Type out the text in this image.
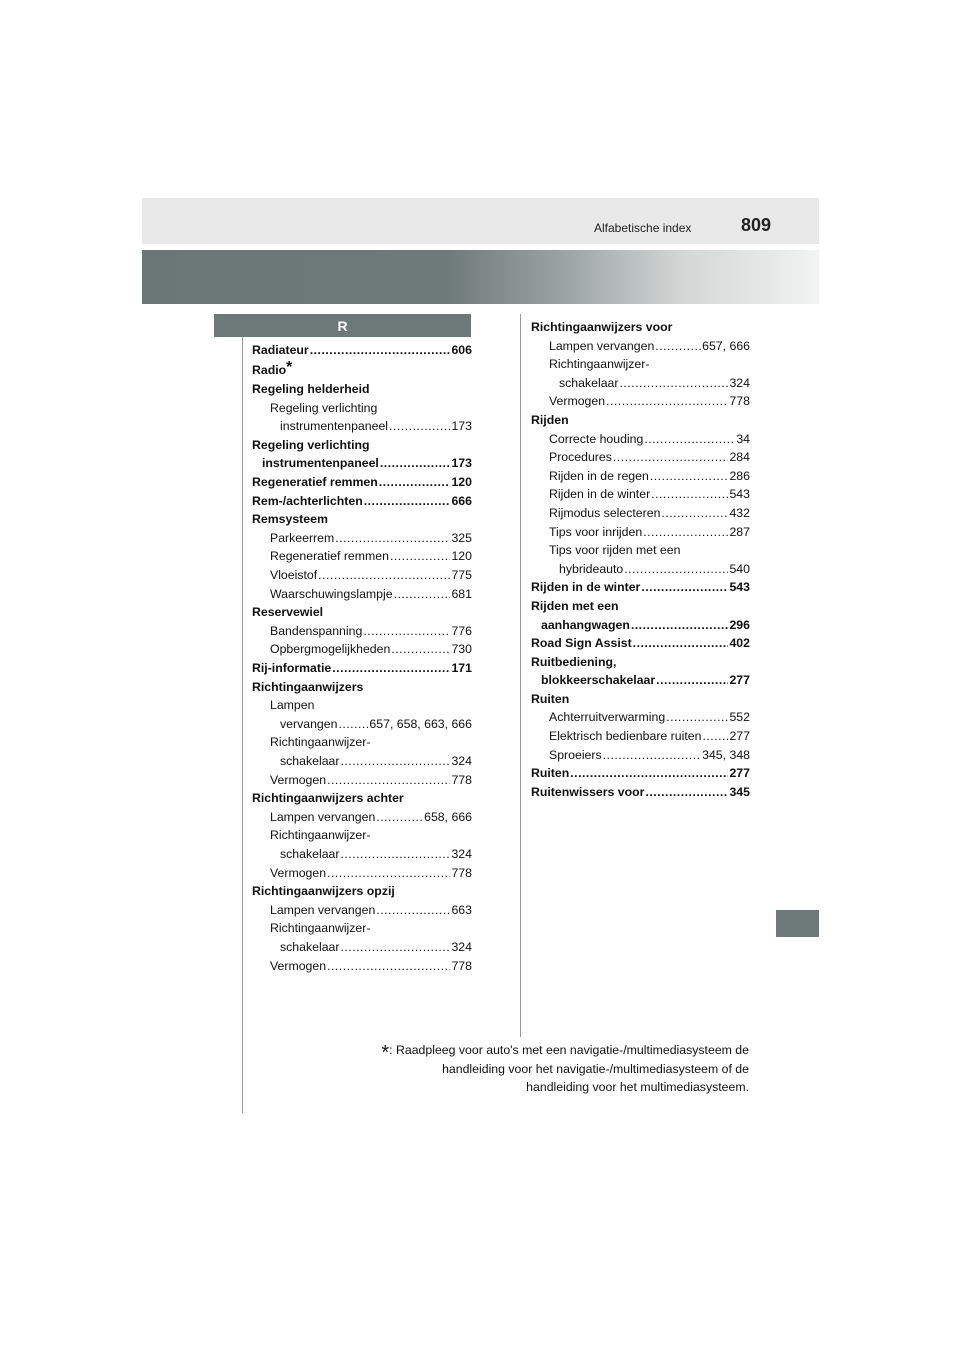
Alfabetische index	809
R
Radiateur .....	606
Radio*
Regeling helderheid
Regeling verlichting
instrumentenpaneel .....	173
Regeling verlichting
instrumentenpaneel .....	173
Regeneratief remmen .....	120
Rem-/achterlichten .....	666
Remsysteem
Parkeerrem .....	325
Regeneratief remmen .....	120
Vloeistof .....	775
Waarschuwingslampje .....	681
Reservewiel
Bandenspanning .....	776
Opbergmogelijkheden .....	730
Rij-informatie .....	171
Richtingaanwijzers
Lampen
vervangen .....	657, 658, 663, 666
Richtingaanwijzer-
schakelaar .....	324
Vermogen .....	778
Richtingaanwijzers achter
Lampen vervangen .....	658, 666
Richtingaanwijzer-
schakelaar .....	324
Vermogen .....	778
Richtingaanwijzers opzij
Lampen vervangen .....	663
Richtingaanwijzer-
schakelaar .....	324
Vermogen .....	778
Richtingaanwijzers voor
Lampen vervangen .....	657, 666
Richtingaanwijzer-
schakelaar .....	324
Vermogen .....	778
Rijden
Correcte houding .....	34
Procedures .....	284
Rijden in de regen .....	286
Rijden in de winter .....	543
Rijmodus selecteren .....	432
Tips voor inrijden .....	287
Tips voor rijden met een
hybrideauto .....	540
Rijden in de winter .....	543
Rijden met een
aanhangwagen .....	296
Road Sign Assist .....	402
Ruitbediening,
blokkeerschakelaar .....	277
Ruiten
Achterruitverwarming .....	552
Elektrisch bedienbare ruiten ..... 277
Sproeiers .....	345, 348
Ruiten .....	277
Ruitenwissers voor .....	345
*: Raadpleeg voor auto's met een navigatie-/multimediasysteem de
handleiding voor het navigatie-/multimediasysteem of de
handleiding voor het multimediasysteem.
